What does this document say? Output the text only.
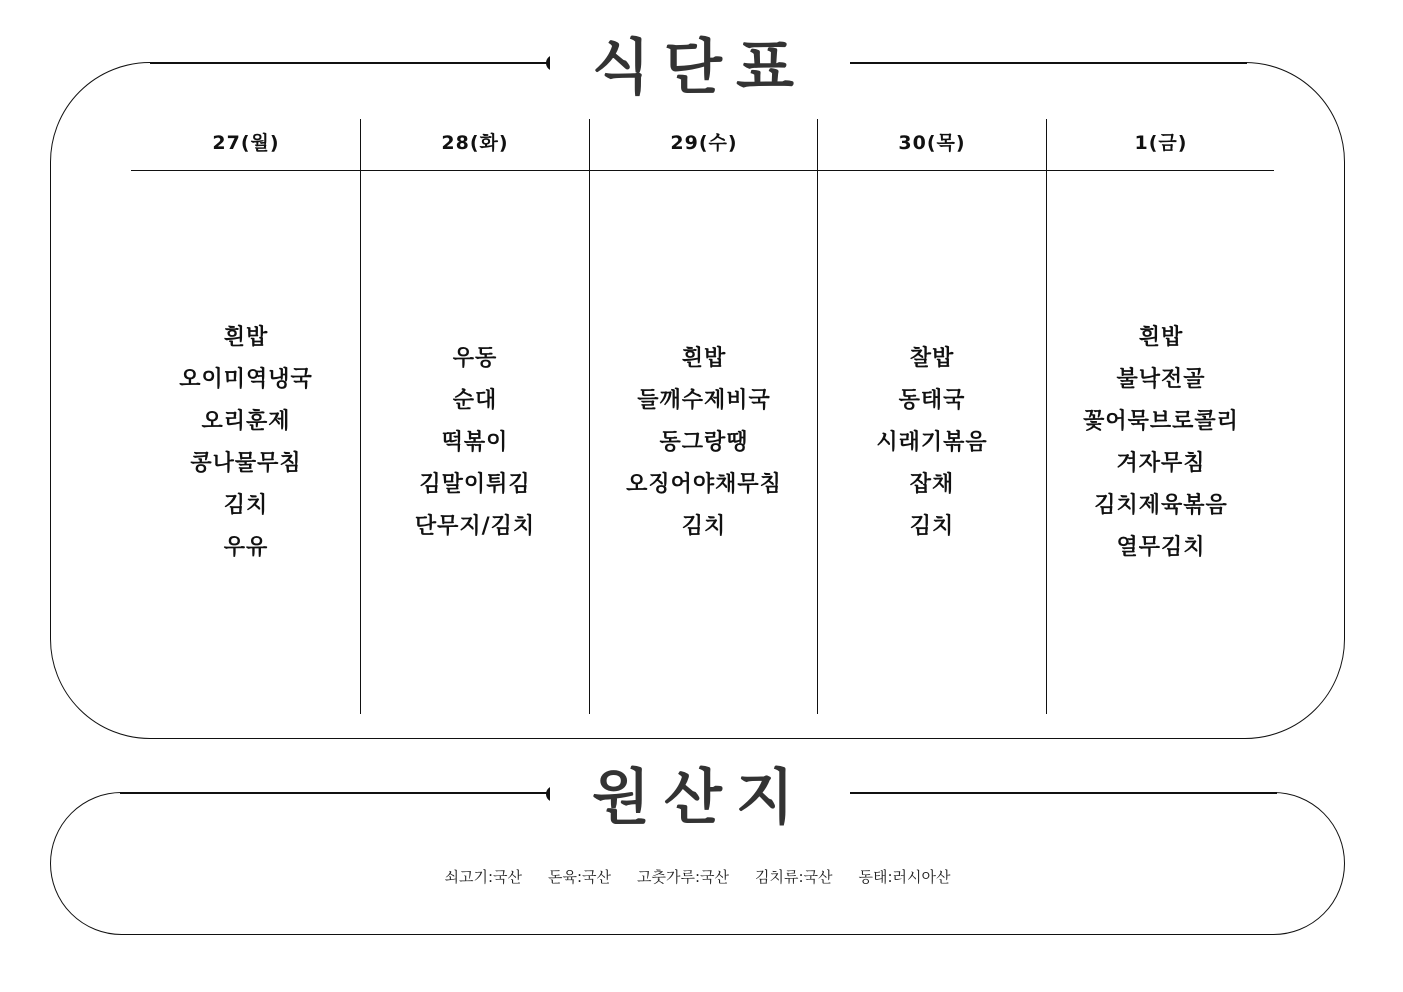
식단표
27(월)
흰밥
오이미역냉국
오리훈제
콩나물무침
김치
우유
28(화)
우동
순대
떡볶이
김말이튀김
단무지/김치
29(수)
흰밥
들깨수제비국
동그랑땡
오징어야채무침
김치
30(목)
찰밥
동태국
시래기볶음
잡채
김치
1(금)
흰밥
불낙전골
꽃어묵브로콜리
겨자무침
김치제육볶음
열무김치
원산지
쇠고기:국산 돈육:국산 고춧가루:국산 김치류:국산 동태:러시아산
